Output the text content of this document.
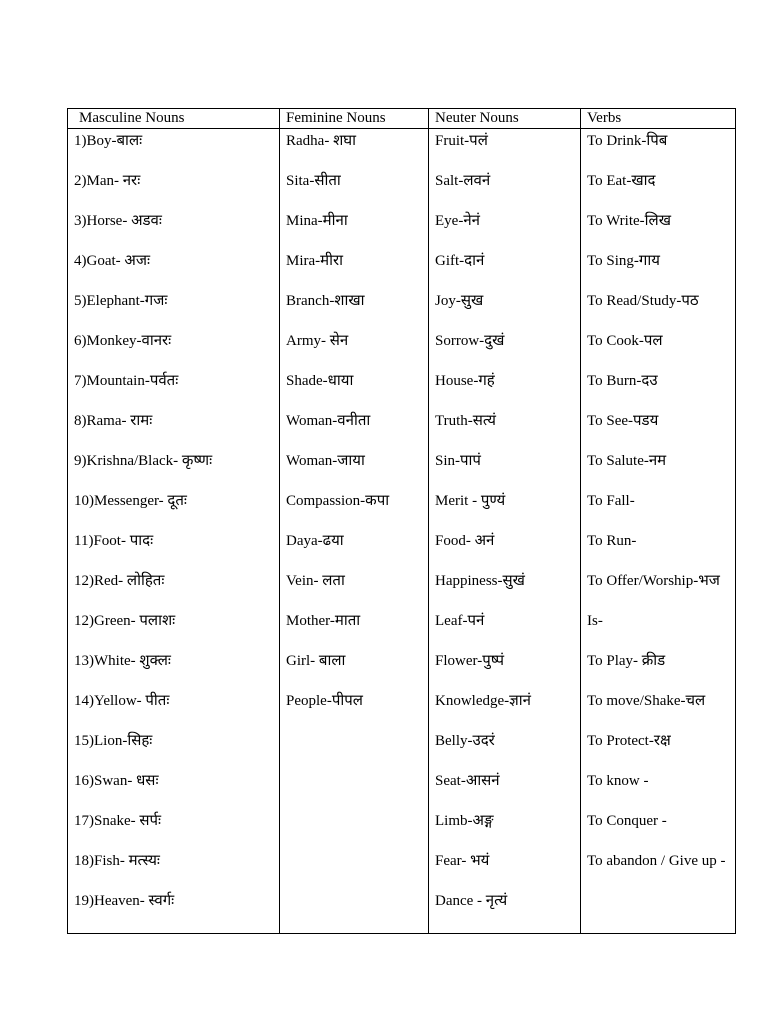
Masculine Nouns	Feminine Nouns	Neuter Nouns	Verbs

1)Boy-बालः	Radha- शघा	Fruit-पलं	To Drink-पिब

2)Man- नरः	Sita-सीता	Salt-लवनं	To Eat-खाद

3)Horse- अडवः	Mina-मीना	Eye-नेनं	To Write-लिख

4)Goat- अजः	Mira-मीरा	Gift-दानं	To Sing-गाय

5)Elephant-गजः	Branch-शाखा	Joy-सुख	To Read/Study-पठ

6)Monkey-वानरः	Army- सेन	Sorrow-दुखं	To Cook-पल

7)Mountain-पर्वतः	Shade-धाया	House-गहं	To Burn-दउ

8)Rama- रामः	Woman-वनीता	Truth-सत्यं	To See-पडय

9)Krishna/Black- कृष्णः	Woman-जाया	Sin-पापं	To Salute-नम

10)Messenger- दूतः	Compassion-कपा	Merit - पुण्यं	To Fall-

11)Foot- पादः	Daya-ढया	Food- अनं	To Run-

12)Red- लोहितः	Vein- लता	Happiness-सुखं	To Offer/Worship-भज

12)Green- पलाशः	Mother-माता	Leaf-पनं	Is-

13)White- शुक्लः	Girl- बाला	Flower-पुष्पं	To Play- क्रीड

14)Yellow- पीतः	People-पीपल	Knowledge-ज्ञानं	To move/Shake-चल

15)Lion-सिहः		Belly-उदरं	To Protect-रक्ष

16)Swan- धसः		Seat-आसनं	To know -

17)Snake- सर्पः		Limb-अङ्ग	To Conquer -

18)Fish- मत्स्यः		Fear- भयं	To abandon / Give up -

19)Heaven- स्वर्गः		Dance - नृत्यं	
